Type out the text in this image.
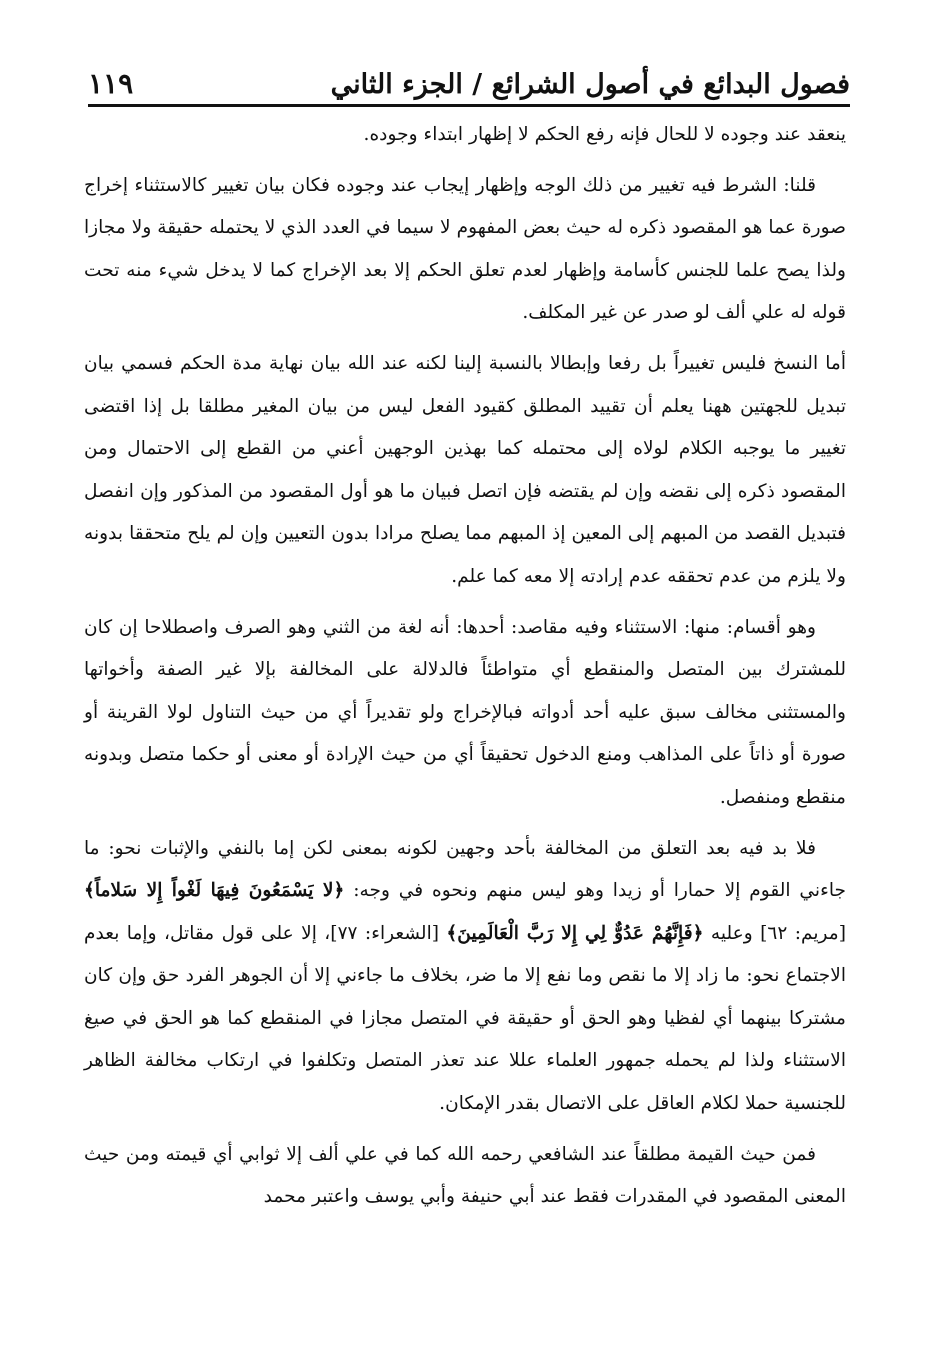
فصول البدائع في أصول الشرائع / الجزء الثاني
١١٩

ينعقد عند وجوده لا للحال فإنه رفع الحكم لا إظهار ابتداء وجوده.

قلنا: الشرط فيه تغيير من ذلك الوجه وإظهار إيجاب عند وجوده فكان بيان تغيير كالاستثناء إخراج صورة عما هو المقصود ذكره له حيث بعض المفهوم لا سيما في العدد الذي لا يحتمله حقيقة ولا مجازا ولذا يصح علما للجنس كأسامة وإظهار لعدم تعلق الحكم إلا بعد الإخراج كما لا يدخل شيء منه تحت قوله له علي ألف لو صدر عن غير المكلف.

أما النسخ فليس تغييراً بل رفعا وإبطالا بالنسبة إلينا لكنه عند الله بيان نهاية مدة الحكم فسمي بيان تبديل للجهتين ههنا يعلم أن تقييد المطلق كقيود الفعل ليس من بيان المغير مطلقا بل إذا اقتضى تغيير ما يوجبه الكلام لولاه إلى محتمله كما بهذين الوجهين أعني من القطع إلى الاحتمال ومن المقصود ذكره إلى نقضه وإن لم يقتضه فإن اتصل فبيان ما هو أول المقصود من المذكور وإن انفصل فتبديل القصد من المبهم إلى المعين إذ المبهم مما يصلح مرادا بدون التعيين وإن لم يلح متحققا بدونه ولا يلزم من عدم تحققه عدم إرادته إلا معه كما علم.

وهو أقسام: منها: الاستثناء وفيه مقاصد: أحدها: أنه لغة من الثني وهو الصرف واصطلاحا إن كان للمشترك بين المتصل والمنقطع أي متواطئاً فالدلالة على المخالفة بإلا غير الصفة وأخواتها والمستثنى مخالف سبق عليه أحد أدواته فبالإخراج ولو تقديراً أي من حيث التناول لولا القرينة أو صورة أو ذاتاً على المذاهب ومنع الدخول تحقيقاً أي من حيث الإرادة أو معنى أو حكما متصل وبدونه منقطع ومنفصل.

فلا بد فيه بعد التعلق من المخالفة بأحد وجهين لكونه بمعنى لكن إما بالنفي والإثبات نحو: ما جاءني القوم إلا حمارا أو زيدا وهو ليس منهم ونحوه في وجه: ﴿لا يَسْمَعُونَ فِيهَا لَغْواً إِلا سَلاماً﴾ [مريم: ٦٢] وعليه ﴿فَإِنَّهُمْ عَدُوٌّ لِي إِلا رَبَّ الْعَالَمِينَ﴾ [الشعراء: ٧٧]، إلا على قول مقاتل، وإما بعدم الاجتماع نحو: ما زاد إلا ما نقص وما نفع إلا ما ضر، بخلاف ما جاءني إلا أن الجوهر الفرد حق وإن كان مشتركا بينهما أي لفظيا وهو الحق أو حقيقة في المتصل مجازا في المنقطع كما هو الحق في صيغ الاستثناء ولذا لم يحمله جمهور العلماء عللا عند تعذر المتصل وتكلفوا في ارتكاب مخالفة الظاهر للجنسية حملا لكلام العاقل على الاتصال بقدر الإمكان.

فمن حيث القيمة مطلقاً عند الشافعي رحمه الله كما في علي ألف إلا ثوابي أي قيمته ومن حيث المعنى المقصود في المقدرات فقط عند أبي حنيفة وأبي يوسف واعتبر محمد
